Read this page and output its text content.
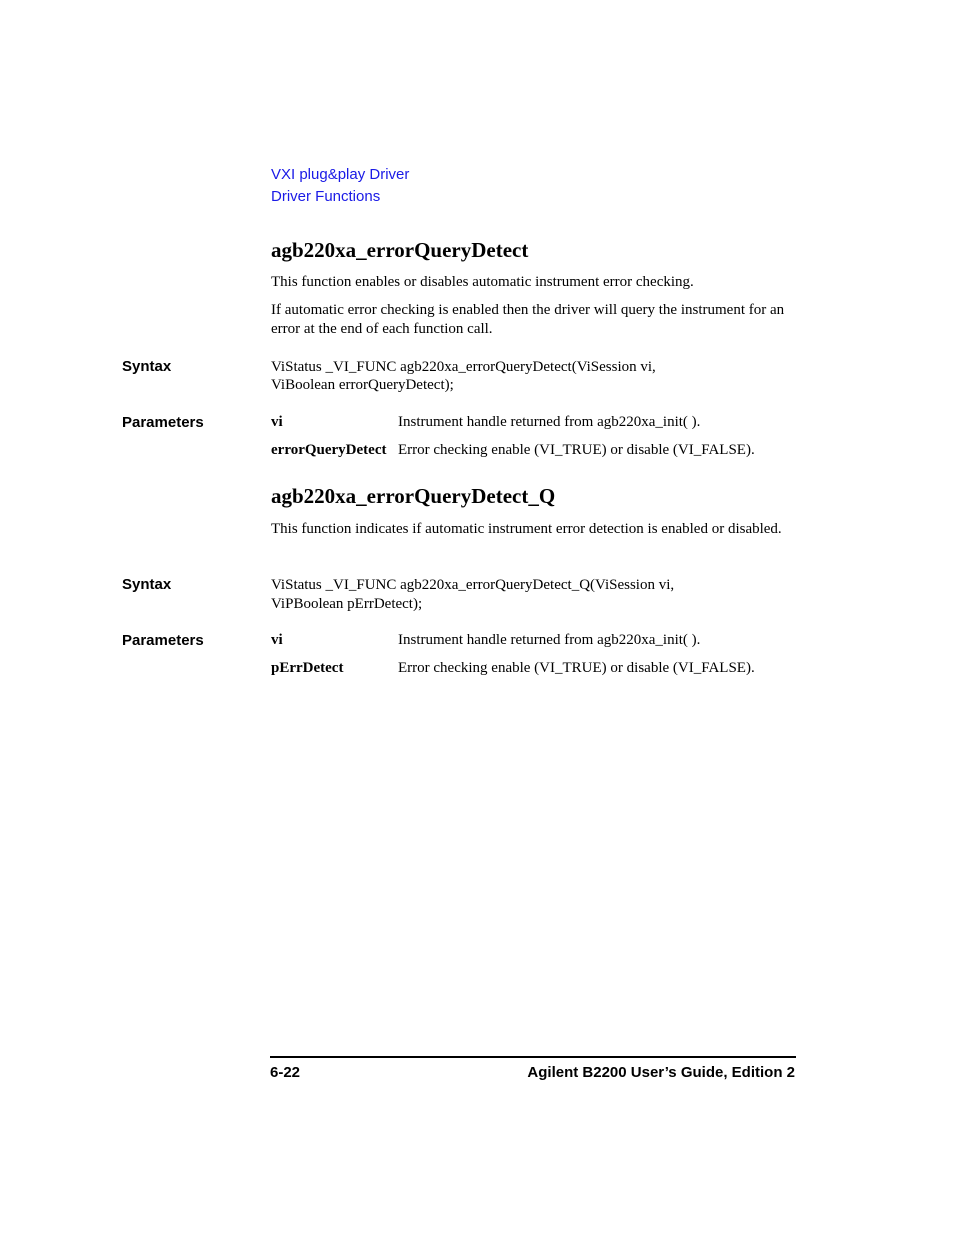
VXI plug&play Driver
Driver Functions
agb220xa_errorQueryDetect
This function enables or disables automatic instrument error checking.
If automatic error checking is enabled then the driver will query the instrument for an error at the end of each function call.
Syntax	ViStatus _VI_FUNC agb220xa_errorQueryDetect(ViSession vi,
ViBoolean errorQueryDetect);
Parameters	vi	Instrument handle returned from agb220xa_init( ).
errorQueryDetect Error checking enable (VI_TRUE) or disable (VI_FALSE).
agb220xa_errorQueryDetect_Q
This function indicates if automatic instrument error detection is enabled or disabled.
Syntax	ViStatus _VI_FUNC agb220xa_errorQueryDetect_Q(ViSession vi,
ViPBoolean pErrDetect);
Parameters	vi	Instrument handle returned from agb220xa_init( ).
pErrDetect	Error checking enable (VI_TRUE) or disable (VI_FALSE).
6-22	Agilent B2200 User’s Guide, Edition 2
